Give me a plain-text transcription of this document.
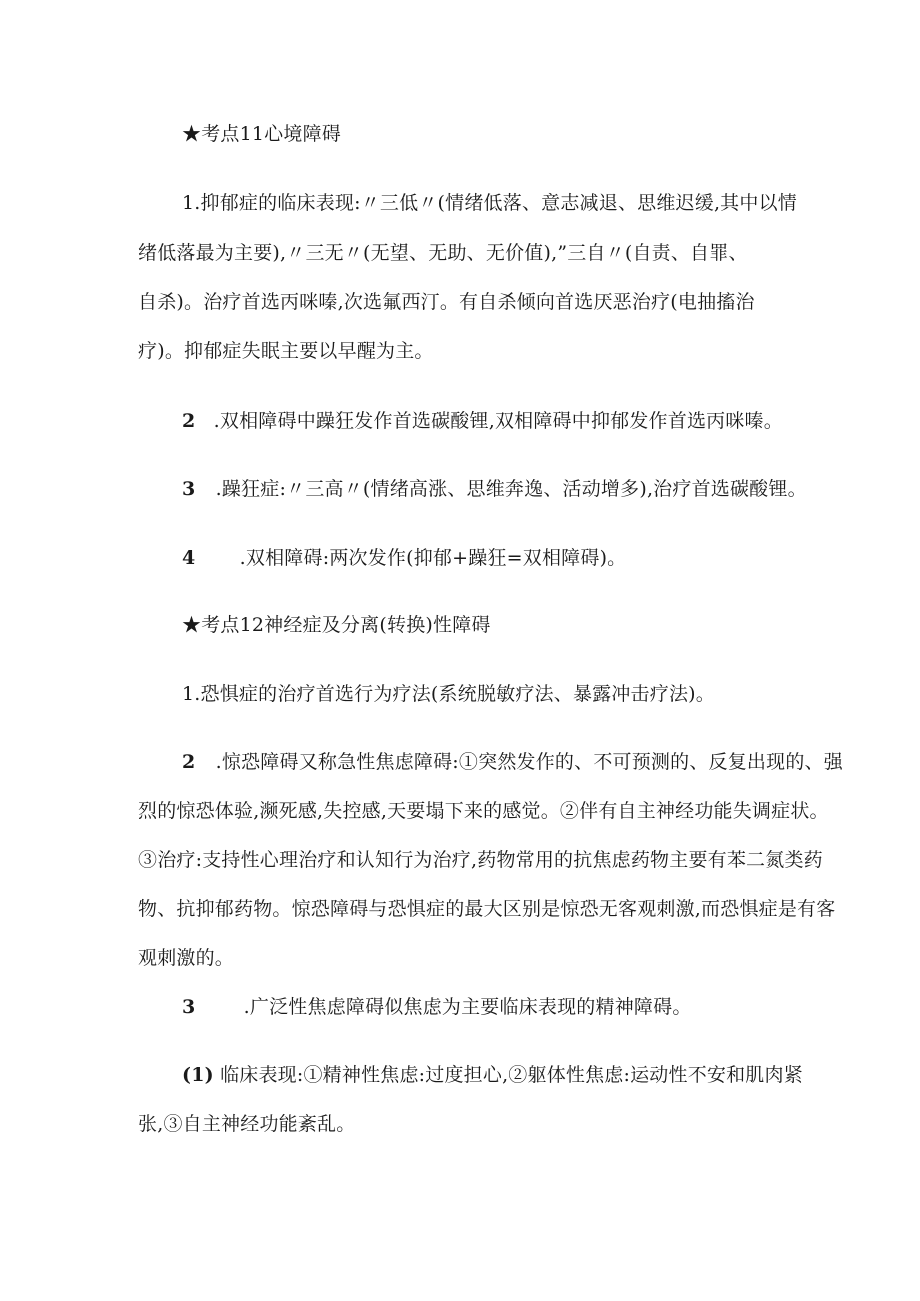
★考点11心境障碍
1.抑郁症的临床表现:〃三低〃(情绪低落、意志减退、思维迟缓,其中以情
绪低落最为主要),〃三无〃(无望、无助、无价值),”三自〃(自责、自罪、
自杀)。治疗首选丙咪嗪,次选氟西汀。有自杀倾向首选厌恶治疗(电抽搐治
疗)。抑郁症失眠主要以早醒为主。
2 .双相障碍中躁狂发作首选碳酸锂,双相障碍中抑郁发作首选丙咪嗪。
3 .躁狂症:〃三高〃(情绪高涨、思维奔逸、活动增多),治疗首选碳酸锂。
4 .双相障碍:两次发作(抑郁+躁狂=双相障碍)。
★考点12神经症及分离(转换)性障碍
1.恐惧症的治疗首选行为疗法(系统脱敏疗法、暴露冲击疗法)。
2 .惊恐障碍又称急性焦虑障碍:①突然发作的、不可预测的、反复出现的、强
烈的惊恐体验,濒死感,失控感,天要塌下来的感觉。②伴有自主神经功能失调症状。
③治疗:支持性心理治疗和认知行为治疗,药物常用的抗焦虑药物主要有苯二氮类药
物、抗抑郁药物。惊恐障碍与恐惧症的最大区别是惊恐无客观刺激,而恐惧症是有客
观刺激的。
3	.广泛性焦虑障碍似焦虑为主要临床表现的精神障碍。
(1) 临床表现:①精神性焦虑:过度担心,②躯体性焦虑:运动性不安和肌肉紧
张,③自主神经功能紊乱。
